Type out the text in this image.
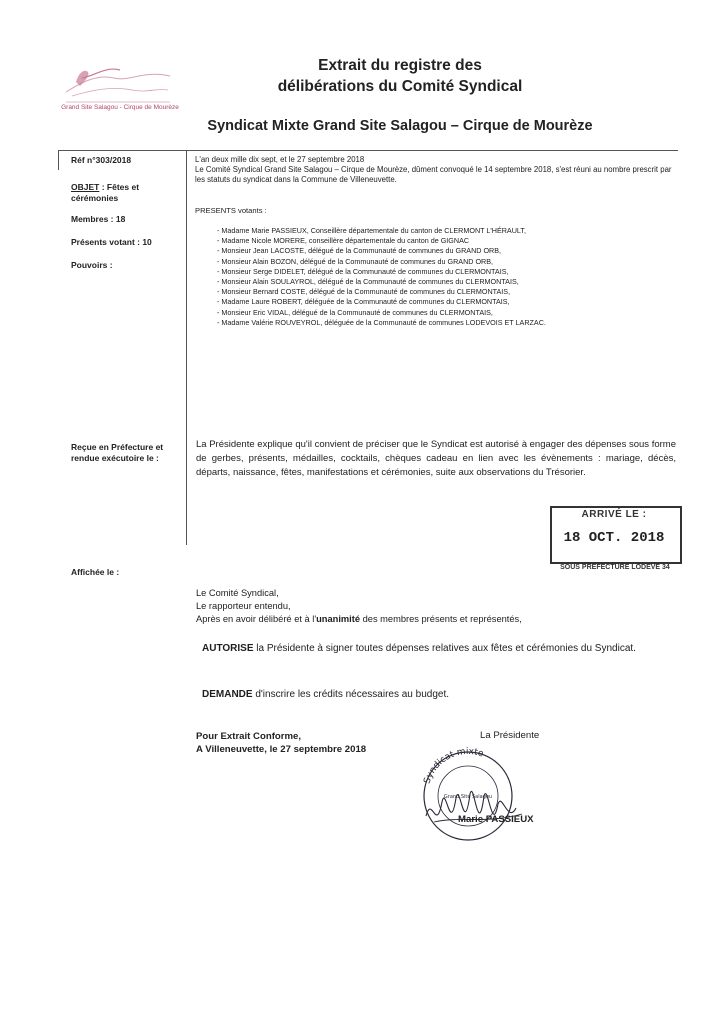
Grand Site Salagou - Cirque de Mourèze
Extrait du registre des
délibérations du Comité Syndical
Syndicat Mixte Grand Site Salagou – Cirque de Mourèze
Réf n°303/2018
OBJET : Fêtes et cérémonies
Membres : 18
Présents votant : 10
Pouvoirs :
Reçue en Préfecture et rendue exécutoire le :
Affichée le :

L'an deux mille dix sept, et le 27 septembre 2018

Le Comité Syndical Grand Site Salagou – Cirque de Mourèze, dûment convoqué le 14 septembre 2018, s'est réuni au nombre prescrit par les statuts du syndicat dans la Commune de Villeneuvette.

PRESENTS votants :
- Madame Marie PASSIEUX, Conseillère départementale du canton de CLERMONT L'HÉRAULT,
- Madame Nicole MORERE, conseillère départementale du canton de GIGNAC
- Monsieur Jean LACOSTE, délégué de la Communauté de communes du GRAND ORB,
- Monsieur Alain BOZON, délégué de la Communauté de communes du GRAND ORB,
- Monsieur Serge DIDELET, délégué de la Communauté de communes du CLERMONTAIS,
- Monsieur Alain SOULAYROL, délégué de la Communauté de communes du CLERMONTAIS,
- Monsieur Bernard COSTE, délégué de la Communauté de communes du CLERMONTAIS,
- Madame Laure ROBERT, déléguée de la Communauté de communes du CLERMONTAIS,
- Monsieur Eric VIDAL, délégué de la Communauté de communes du CLERMONTAIS,
- Madame Valérie ROUVEYROL, déléguée de la Communauté de communes LODEVOIS ET LARZAC.
La Présidente explique qu'il convient de préciser que le Syndicat est autorisé à engager des dépenses sous forme de gerbes, présents, médailles, cocktails, chèques cadeau en lien avec les évènements : mariage, décès, départs, naissance, fêtes, manifestations et cérémonies, suite aux observations du Trésorier.
ARRIVÉ LE :
18 OCT. 2018
SOUS PRÉFECTURE LODEVE 34
Le Comité Syndical,
Le rapporteur entendu,
Après en avoir délibéré et à l'unanimité des membres présents et représentés,
AUTORISE la Présidente à signer toutes dépenses relatives aux fêtes et cérémonies du Syndicat.
DEMANDE d'inscrire les crédits nécessaires au budget.
Pour Extrait Conforme,
A Villeneuvette, le 27 septembre 2018
Syndicat mixte
Grand Site Salagou
La Présidente
Marie PASSIEUX
